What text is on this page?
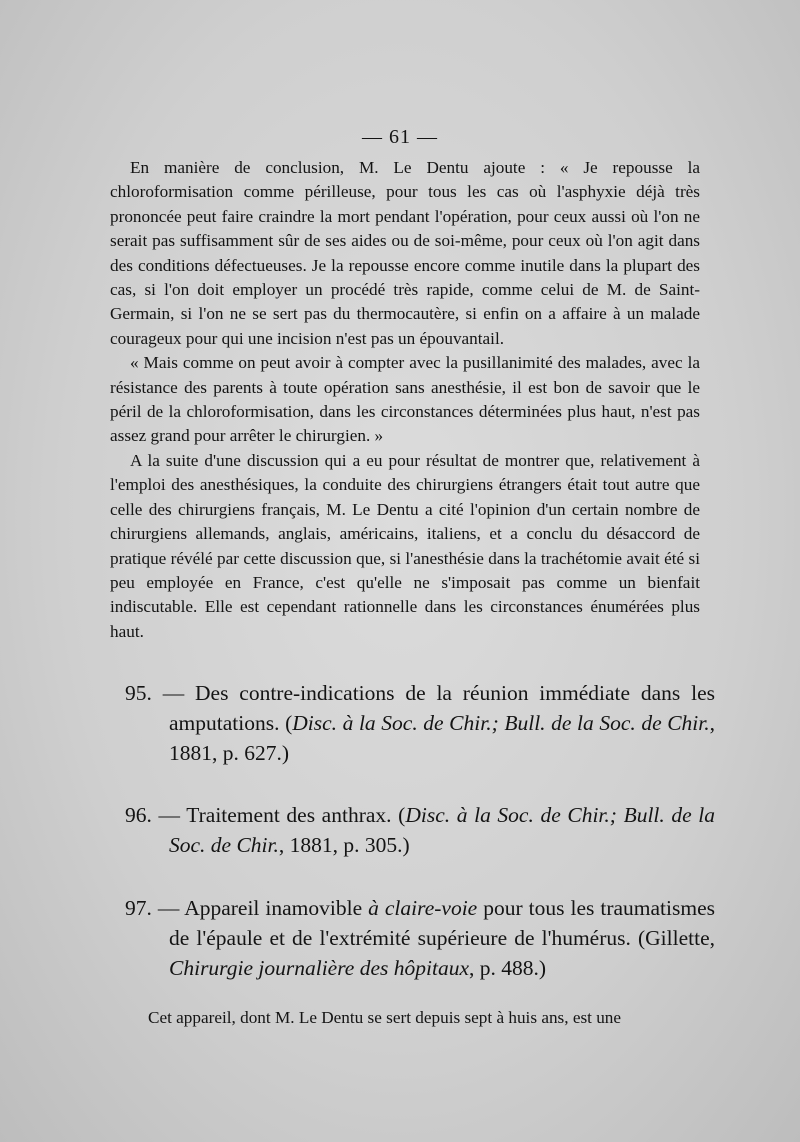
— 61 —

En manière de conclusion, M. Le Dentu ajoute : « Je repousse la chloroformisation comme périlleuse, pour tous les cas où l'asphyxie déjà très prononcée peut faire craindre la mort pendant l'opération, pour ceux aussi où l'on ne serait pas suffisamment sûr de ses aides ou de soi-même, pour ceux où l'on agit dans des conditions défectueuses. Je la repousse encore comme inutile dans la plupart des cas, si l'on doit employer un procédé très rapide, comme celui de M. de Saint-Germain, si l'on ne se sert pas du thermocautère, si enfin on a affaire à un malade courageux pour qui une incision n'est pas un épouvantail.

« Mais comme on peut avoir à compter avec la pusillanimité des malades, avec la résistance des parents à toute opération sans anesthésie, il est bon de savoir que le péril de la chloroformisation, dans les circonstances déterminées plus haut, n'est pas assez grand pour arrêter le chirurgien. »

A la suite d'une discussion qui a eu pour résultat de montrer que, relativement à l'emploi des anesthésiques, la conduite des chirurgiens étrangers était tout autre que celle des chirurgiens français, M. Le Dentu a cité l'opinion d'un certain nombre de chirurgiens allemands, anglais, américains, italiens, et a conclu du désaccord de pratique révélé par cette discussion que, si l'anesthésie dans la trachétomie avait été si peu employée en France, c'est qu'elle ne s'imposait pas comme un bienfait indiscutable. Elle est cependant rationnelle dans les circonstances énumérées plus haut.

95. — Des contre-indications de la réunion immédiate dans les amputations. (Disc. à la Soc. de Chir.; Bull. de la Soc. de Chir., 1881, p. 627.)
96. — Traitement des anthrax. (Disc. à la Soc. de Chir.; Bull. de la Soc. de Chir., 1881, p. 305.)
97. — Appareil inamovible à claire-voie pour tous les traumatismes de l'épaule et de l'extrémité supérieure de l'humérus. (Gillette, Chirurgie journalière des hôpitaux, p. 488.)
Cet appareil, dont M. Le Dentu se sert depuis sept à huis ans, est une
